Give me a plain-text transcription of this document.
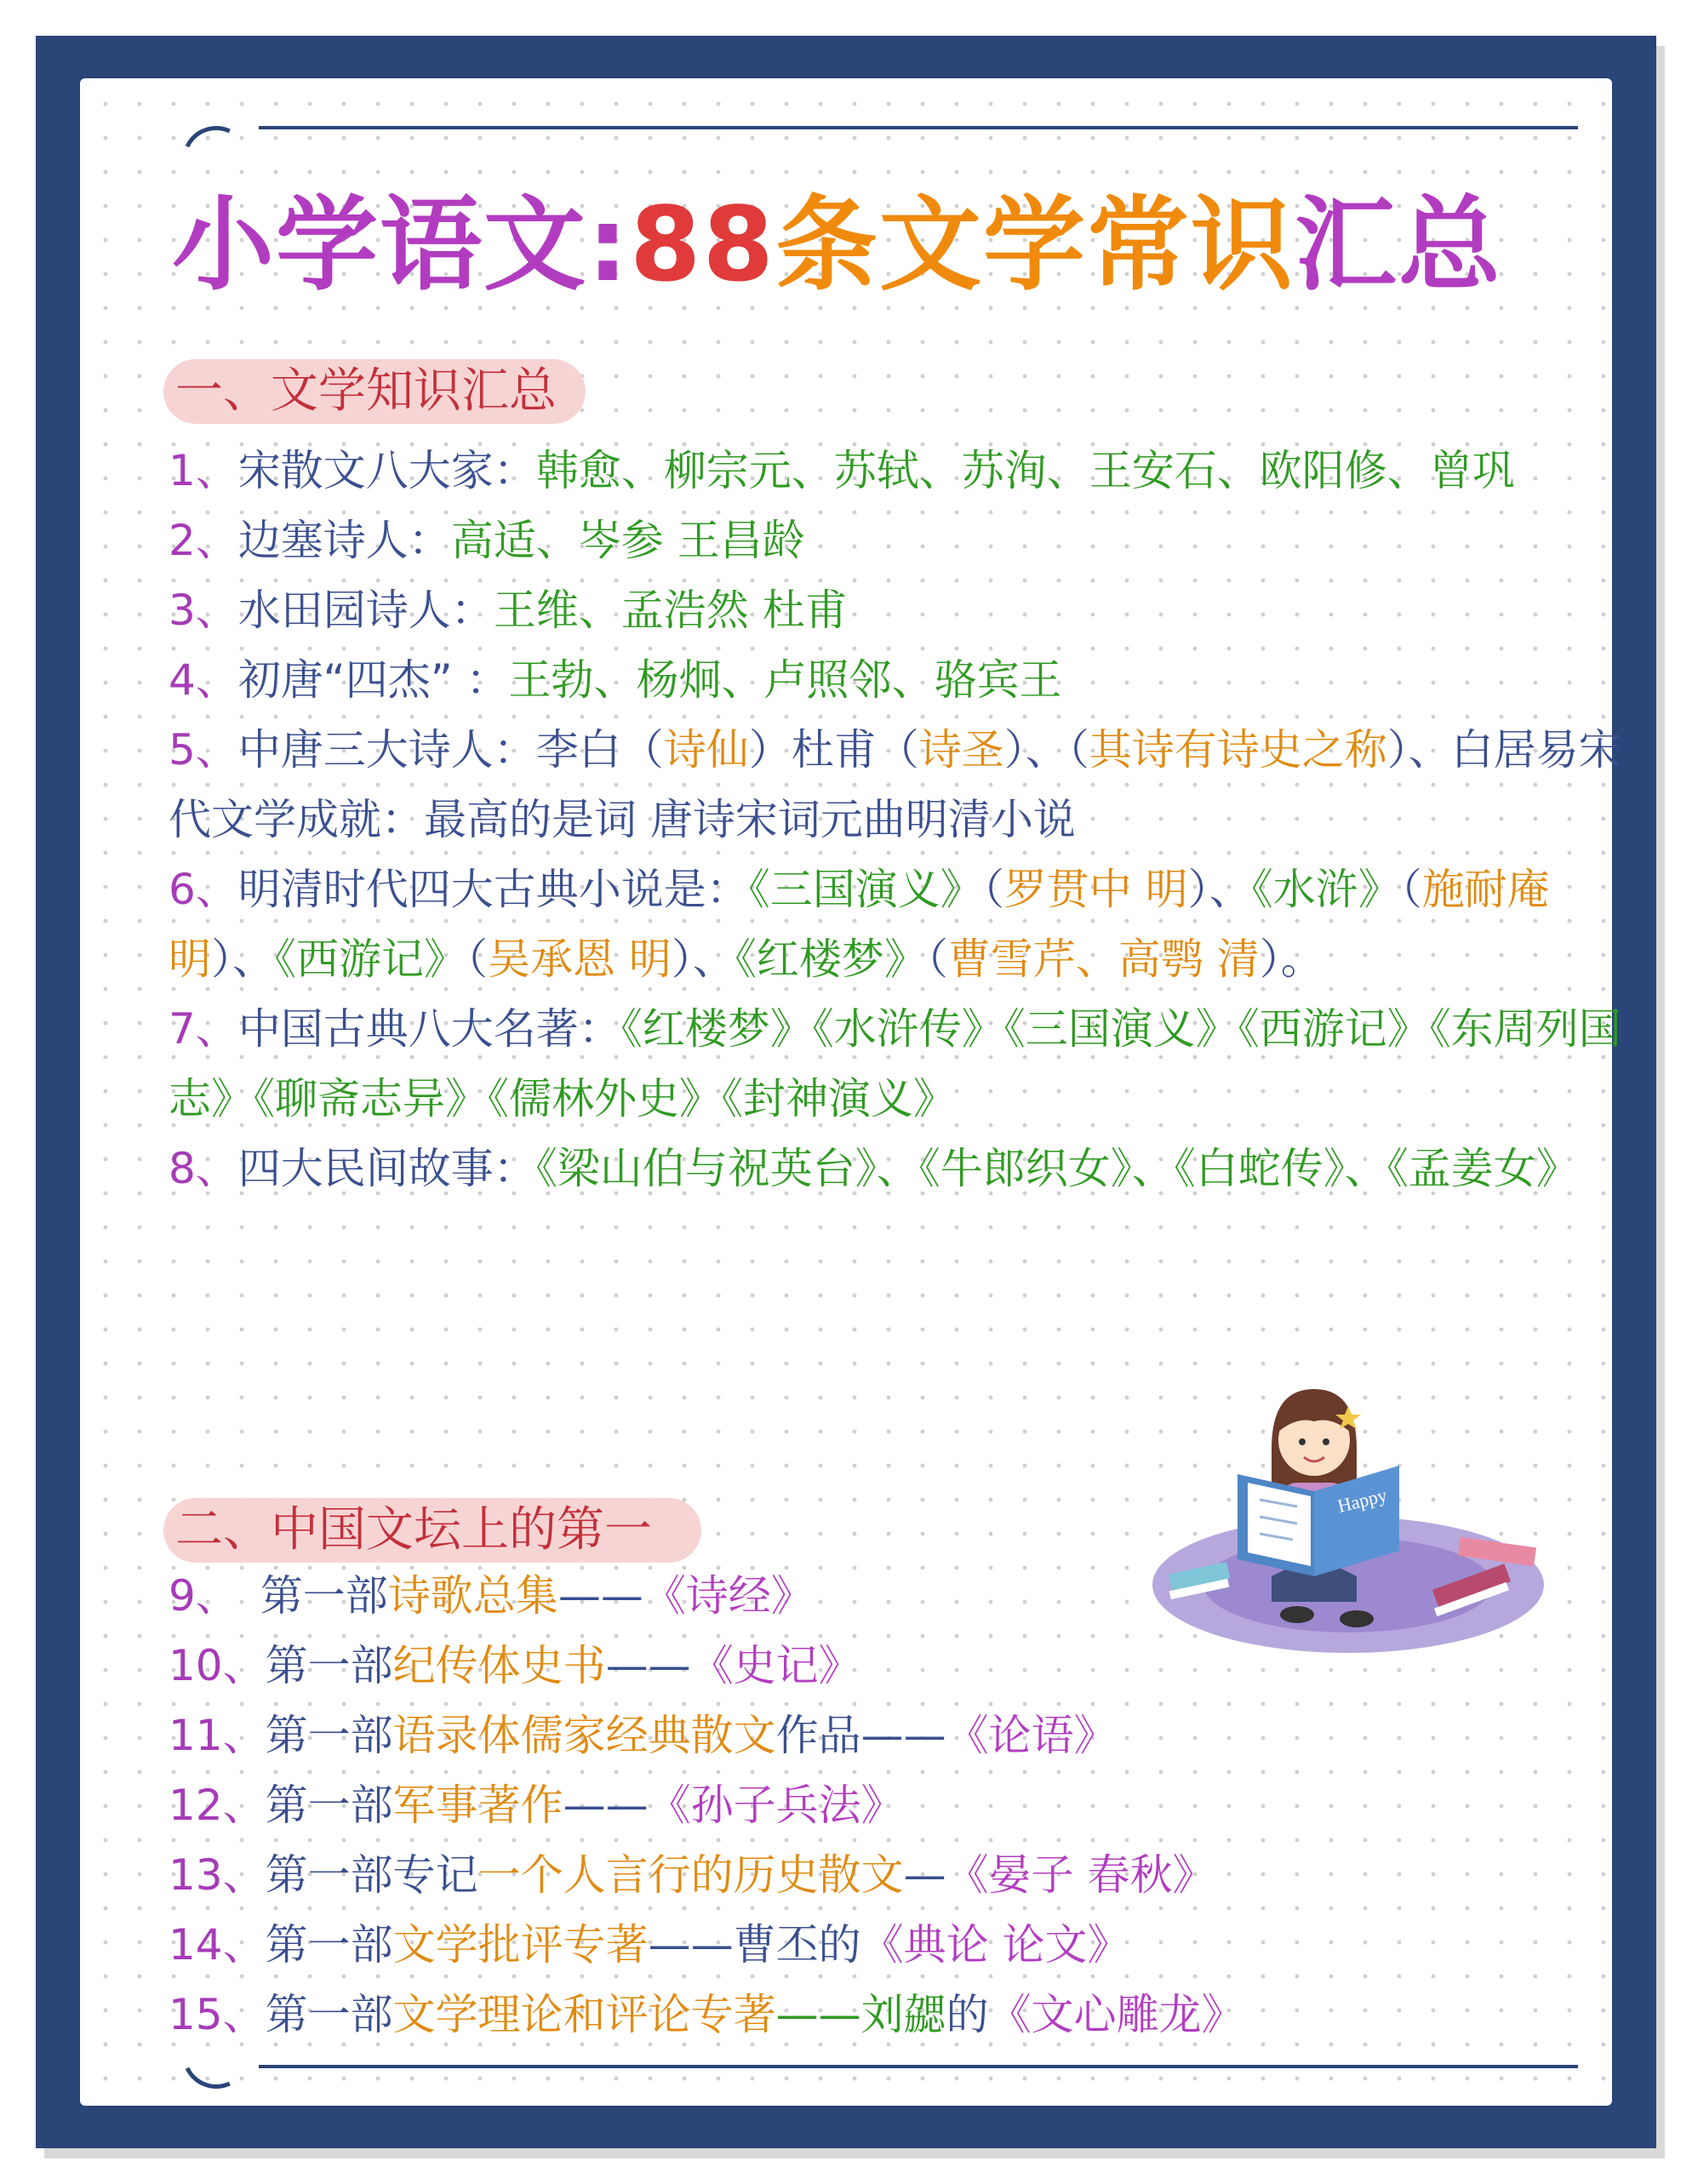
小学语文:88条文学常识汇总
一、文学知识汇总

1、宋散文八大家：韩愈、柳宗元、苏轼、苏洵、王安石、欧阳修、曾巩

2、边塞诗人：高适、岑参 王昌龄

3、水田园诗人：王维、孟浩然 杜甫

4、初唐“四杰” ：王勃、杨炯、卢照邻、骆宾王

5、中唐三大诗人：李白（诗仙）杜甫（诗圣）、（其诗有诗史之称）、白居易宋代文学成就：最高的是词 唐诗宋词元曲明清小说

6、明清时代四大古典小说是：《三国演义》（罗贯中 明）、《水浒》（施耐庵 明）、《西游记》（吴承恩 明）、《红楼梦》（曹雪芹、高鹗 清）。

7、中国古典八大名著：《红楼梦》《水浒传》《三国演义》《西游记》《东周列国志》《聊斋志异》《儒林外史》《封神演义》

8、四大民间故事：《梁山伯与祝英台》、《牛郎织女》、《白蛇传》、《孟姜女》

二、中国文坛上的第一

9、 第一部诗歌总集——《诗经》

10、第一部纪传体史书——《史记》

11、第一部语录体儒家经典散文作品——《论语》

12、第一部军事著作——《孙子兵法》

13、第一部专记一个人言行的历史散文—《晏子 春秋》

14、第一部文学批评专著——曹丕的《典论 论文》

15、第一部文学理论和评论专著——刘勰的《文心雕龙》

Happy
